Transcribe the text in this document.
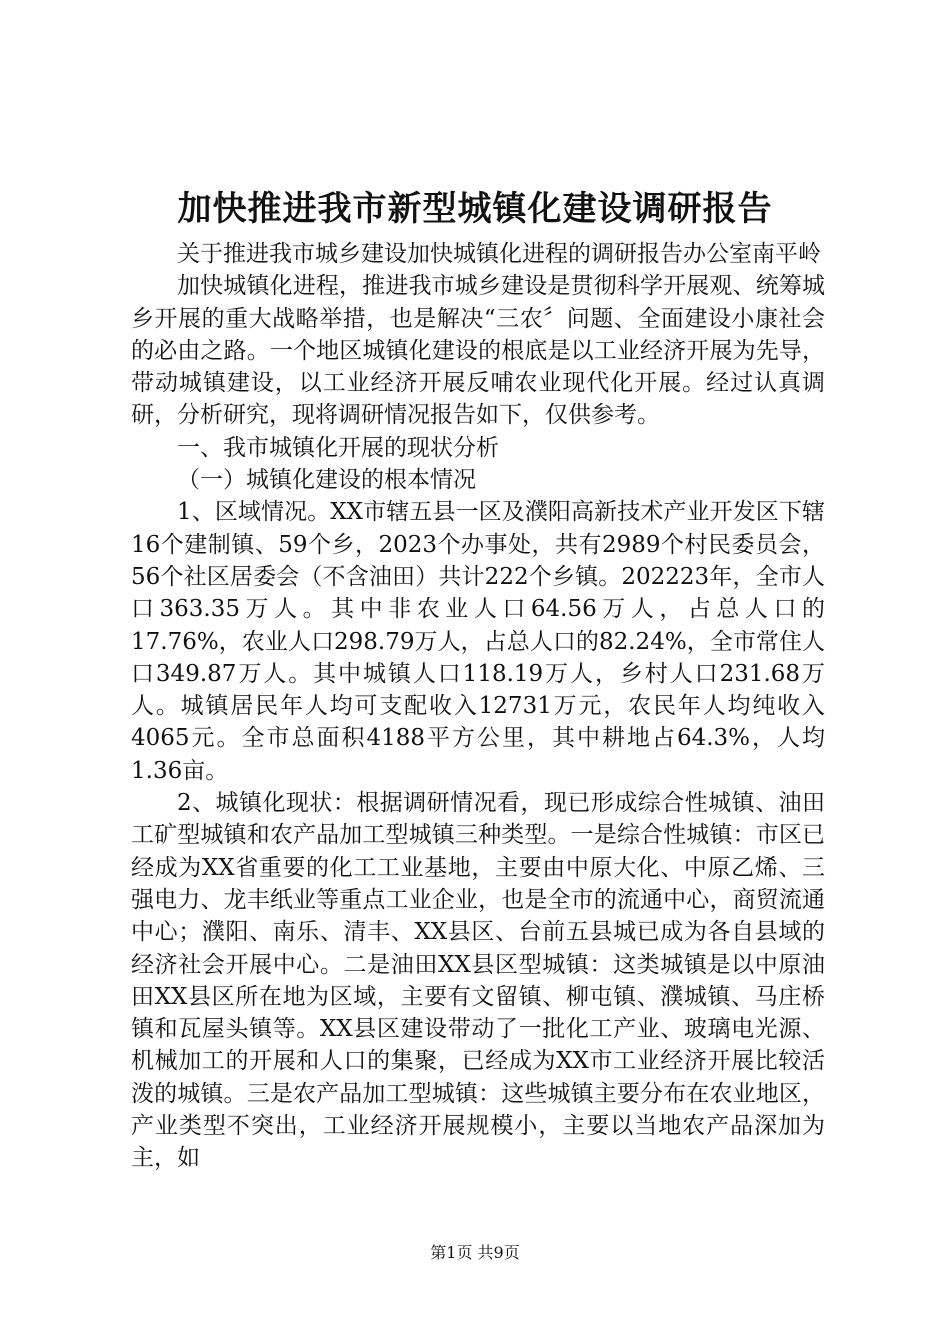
加快推进我市新型城镇化建设调研报告

关于推进我市城乡建设加快城镇化进程的调研报告办公室南平岭

加快城镇化进程，推进我市城乡建设是贯彻科学开展观、统筹城乡开展的重大战略举措，也是解决“三农〞问题、全面建设小康社会的必由之路。一个地区城镇化建设的根底是以工业经济开展为先导，带动城镇建设，以工业经济开展反哺农业现代化开展。经过认真调研，分析研究，现将调研情况报告如下，仅供参考。

一、我市城镇化开展的现状分析

（一）城镇化建设的根本情况

1、区域情况。XX市辖五县一区及濮阳高新技术产业开发区下辖16个建制镇、59个乡，2023个办事处，共有2989个村民委员会，56个社区居委会（不含油田）共计222个乡镇。202223年，全市人口363.35万人。其中非农业人口64.56万人，占总人口的17.76%，农业人口298.79万人，占总人口的82.24%，全市常住人口349.87万人。其中城镇人口118.19万人，乡村人口231.68万人。城镇居民年人均可支配收入12731万元，农民年人均纯收入4065元。全市总面积4188平方公里，其中耕地占64.3%，人均1.36亩。

2、城镇化现状：根据调研情况看，现已形成综合性城镇、油田工矿型城镇和农产品加工型城镇三种类型。一是综合性城镇：市区已经成为XX省重要的化工工业基地，主要由中原大化、中原乙烯、三强电力、龙丰纸业等重点工业企业，也是全市的流通中心，商贸流通中心；濮阳、南乐、清丰、XX县区、台前五县城已成为各自县域的经济社会开展中心。二是油田XX县区型城镇：这类城镇是以中原油田XX县区所在地为区域，主要有文留镇、柳屯镇、濮城镇、马庄桥镇和瓦屋头镇等。XX县区建设带动了一批化工产业、玻璃电光源、机械加工的开展和人口的集聚，已经成为XX市工业经济开展比较活泼的城镇。三是农产品加工型城镇：这些城镇主要分布在农业地区，产业类型不突出，工业经济开展规模小，主要以当地农产品深加为主，如

第1页 共9页
